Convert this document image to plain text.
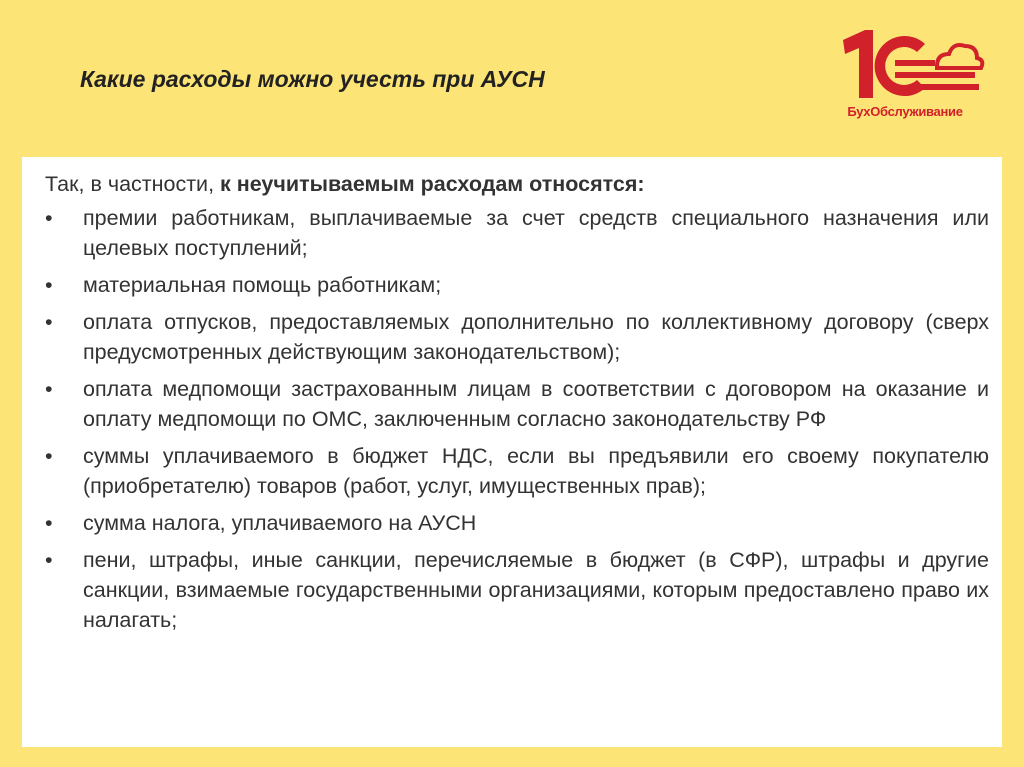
Какие расходы можно учесть при АУСН
БухОбслуживание

Так, в частности, к неучитываемым расходам относятся:

• премии работникам, выплачиваемые за счет средств специального назначения или целевых поступлений;
• материальная помощь работникам;
• оплата отпусков, предоставляемых дополнительно по коллективному договору (сверх предусмотренных действующим законодательством);
• оплата медпомощи застрахованным лицам в соответствии с договором на оказание и оплату медпомощи по ОМС, заключенным согласно законодательству РФ
• суммы уплачиваемого в бюджет НДС, если вы предъявили его своему покупателю (приобретателю) товаров (работ, услуг, имущественных прав);
• сумма налога, уплачиваемого на АУСН
• пени, штрафы, иные санкции, перечисляемые в бюджет (в СФР), штрафы и другие санкции, взимаемые государственными организациями, которым предоставлено право их налагать;
